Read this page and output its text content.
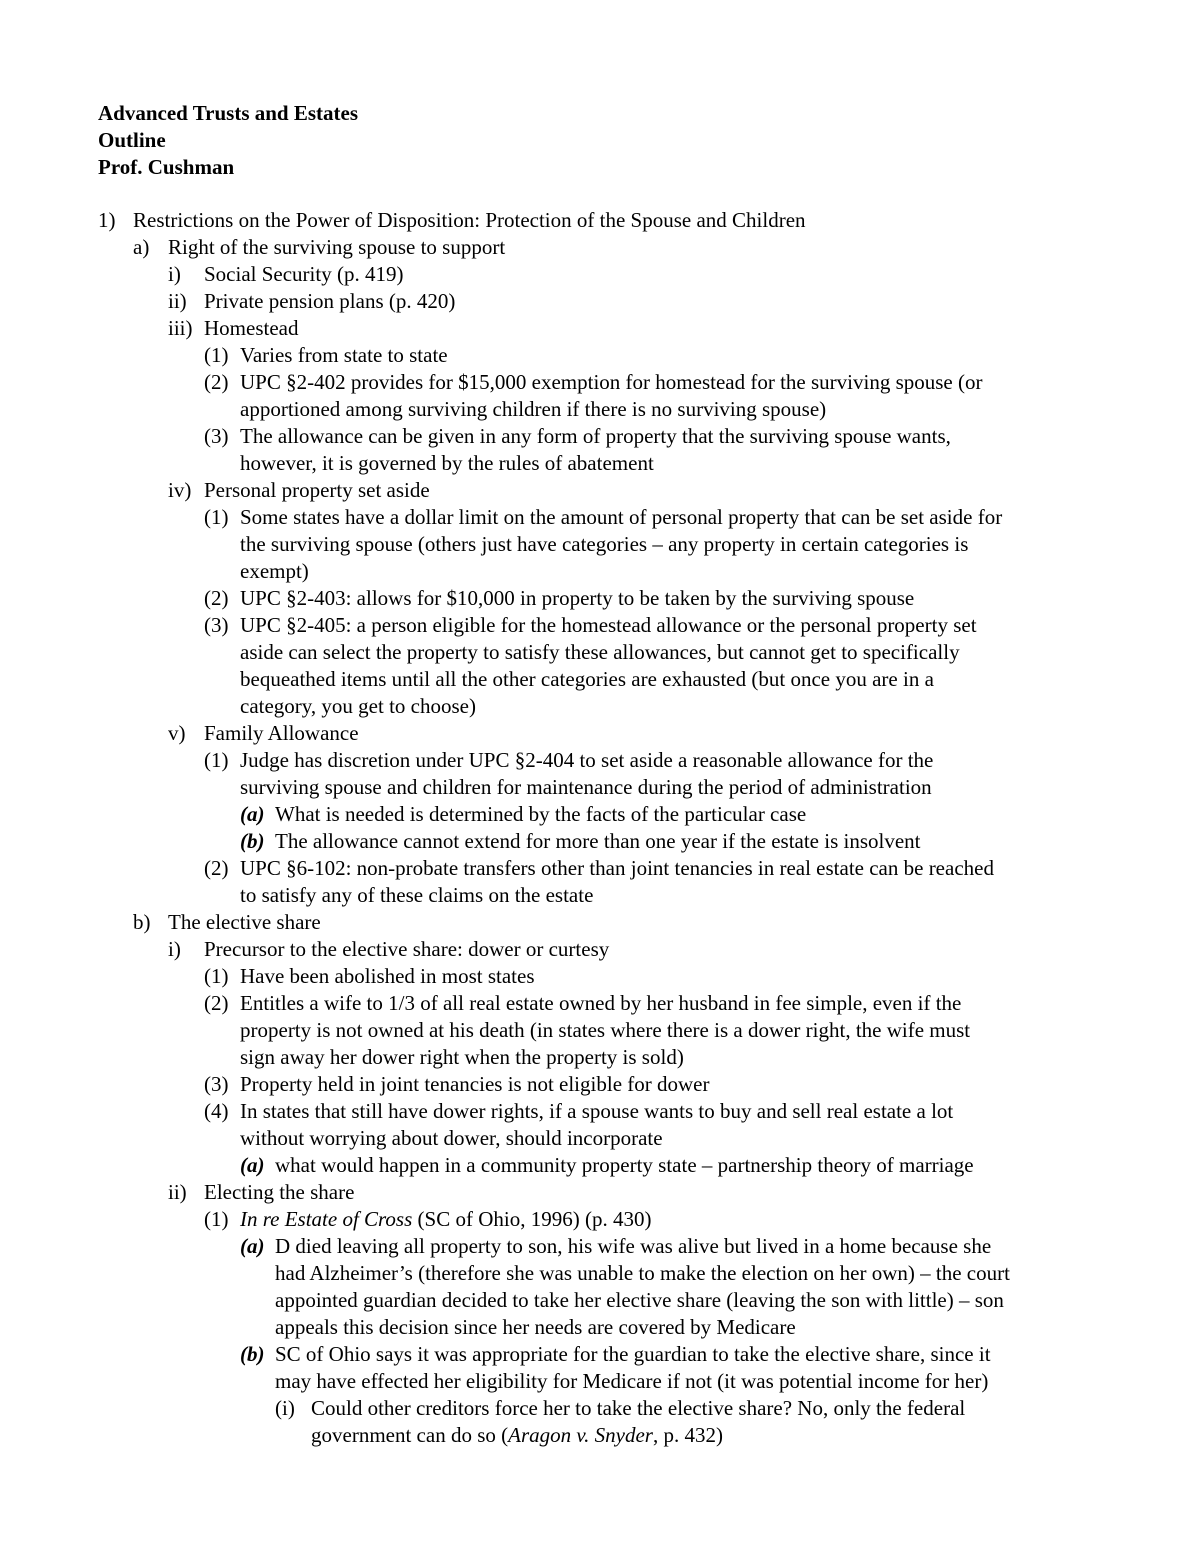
Advanced Trusts and Estates
Outline
Prof. Cushman
1) Restrictions on the Power of Disposition: Protection of the Spouse and Children
a) Right of the surviving spouse to support
i) Social Security (p. 419)
ii) Private pension plans (p. 420)
iii) Homestead
(1) Varies from state to state
(2) UPC §2-402 provides for $15,000 exemption for homestead for the surviving spouse (or
apportioned among surviving children if there is no surviving spouse)
(3) The allowance can be given in any form of property that the surviving spouse wants,
however, it is governed by the rules of abatement
iv) Personal property set aside
(1) Some states have a dollar limit on the amount of personal property that can be set aside for
the surviving spouse (others just have categories – any property in certain categories is
exempt)
(2) UPC §2-403: allows for $10,000 in property to be taken by the surviving spouse
(3) UPC §2-405: a person eligible for the homestead allowance or the personal property set
aside can select the property to satisfy these allowances, but cannot get to specifically
bequeathed items until all the other categories are exhausted (but once you are in a
category, you get to choose)
v) Family Allowance
(1) Judge has discretion under UPC §2-404 to set aside a reasonable allowance for the
surviving spouse and children for maintenance during the period of administration
(a) What is needed is determined by the facts of the particular case
(b) The allowance cannot extend for more than one year if the estate is insolvent
(2) UPC §6-102: non-probate transfers other than joint tenancies in real estate can be reached
to satisfy any of these claims on the estate
b) The elective share
i) Precursor to the elective share: dower or curtesy
(1) Have been abolished in most states
(2) Entitles a wife to 1/3 of all real estate owned by her husband in fee simple, even if the
property is not owned at his death (in states where there is a dower right, the wife must
sign away her dower right when the property is sold)
(3) Property held in joint tenancies is not eligible for dower
(4) In states that still have dower rights, if a spouse wants to buy and sell real estate a lot
without worrying about dower, should incorporate
(a) what would happen in a community property state – partnership theory of marriage
ii) Electing the share
(1) In re Estate of Cross (SC of Ohio, 1996) (p. 430)
(a) D died leaving all property to son, his wife was alive but lived in a home because she
had Alzheimer’s (therefore she was unable to make the election on her own) – the court
appointed guardian decided to take her elective share (leaving the son with little) – son
appeals this decision since her needs are covered by Medicare
(b) SC of Ohio says it was appropriate for the guardian to take the elective share, since it
may have effected her eligibility for Medicare if not (it was potential income for her)
(i) Could other creditors force her to take the elective share? No, only the federal
government can do so (Aragon v. Snyder, p. 432)
